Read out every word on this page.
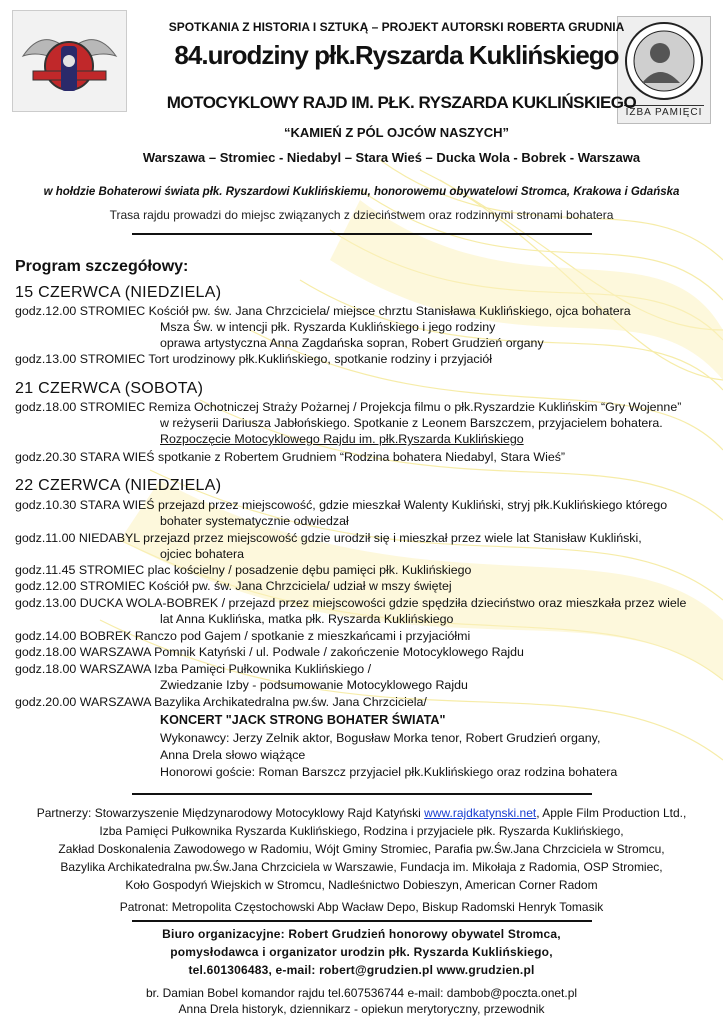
IZBA PAMIĘCI
SPOTKANIA Z HISTORIA I SZTUKĄ – PROJEKT AUTORSKI ROBERTA GRUDNIA
84.urodziny płk.Ryszarda Kuklińskiego
MOTOCYKLOWY RAJD IM. PŁK. RYSZARDA KUKLIŃSKIEGO
“KAMIEŃ Z PÓL OJCÓW NASZYCH”
Warszawa – Stromiec - Niedabyl – Stara Wieś – Ducka Wola - Bobrek - Warszawa
w hołdzie Bohaterowi świata płk. Ryszardowi Kuklińskiemu, honorowemu obywatelowi Stromca, Krakowa i Gdańska
Trasa rajdu prowadzi do miejsc związanych z dzieciństwem oraz rodzinnymi stronami bohatera
Program szczegółowy:
15 CZERWCA (NIEDZIELA)
godz.12.00 STROMIEC Kościół pw. św. Jana Chrzciciela/ miejsce chrztu Stanisława Kuklińskiego, ojca bohatera
Msza Św. w intencji płk. Ryszarda Kuklińskiego i jego rodziny
oprawa artystyczna Anna Zagdańska sopran, Robert Grudzień organy
godz.13.00 STROMIEC Tort urodzinowy płk.Kuklińskiego, spotkanie rodziny i przyjaciół
21 CZERWCA (SOBOTA)
godz.18.00 STROMIEC Remiza Ochotniczej Straży Pożarnej / Projekcja filmu o płk.Ryszardzie Kuklińskim “Gry Wojenne”
w reżyserii Dariusza Jabłońskiego. Spotkanie z Leonem Barszczem, przyjacielem bohatera.
Rozpoczęcie Motocyklowego Rajdu im. płk.Ryszarda Kuklińskiego
godz.20.30 STARA WIEŚ spotkanie z Robertem Grudniem “Rodzina bohatera Niedabyl, Stara Wieś”
22 CZERWCA (NIEDZIELA)
godz.10.30 STARA WIEŚ przejazd przez miejscowość, gdzie mieszkał Walenty Kukliński, stryj płk.Kuklińskiego którego
bohater systematycznie odwiedzał
godz.11.00 NIEDABYL przejazd przez miejscowość gdzie urodził się i mieszkał przez wiele lat Stanisław Kukliński,
ojciec bohatera
godz.11.45 STROMIEC plac kościelny / posadzenie dębu pamięci płk. Kuklińskiego
godz.12.00 STROMIEC Kościół pw. św. Jana Chrzciciela/ udział w mszy świętej
godz.13.00 DUCKA WOLA-BOBREK / przejazd przez miejscowości gdzie spędziła dzieciństwo oraz mieszkała przez wiele
lat Anna Kuklińska, matka płk. Ryszarda Kuklińskiego
godz.14.00 BOBREK Ranczo pod Gajem / spotkanie z mieszkańcami i przyjaciółmi
godz.18.00 WARSZAWA Pomnik Katyński / ul. Podwale / zakończenie Motocyklowego Rajdu
godz.18.00 WARSZAWA Izba Pamięci Pułkownika Kuklińskiego /
Zwiedzanie Izby - podsumowanie Motocyklowego Rajdu
godz.20.00 WARSZAWA Bazylika Archikatedralna pw.św. Jana Chrzciciela/
KONCERT "JACK STRONG BOHATER ŚWIATA"
Wykonawcy: Jerzy Zelnik aktor, Bogusław Morka tenor, Robert Grudzień organy,
Anna Drela słowo wiążące
Honorowi goście: Roman Barszcz przyjaciel płk.Kuklińskiego oraz rodzina bohatera
Partnerzy: Stowarzyszenie Międzynarodowy Motocyklowy Rajd Katyński www.rajdkatynski.net, Apple Film Production Ltd.,
Izba Pamięci Pułkownika Ryszarda Kuklińskiego, Rodzina i przyjaciele płk. Ryszarda Kuklińskiego,
Zakład Doskonalenia Zawodowego w Radomiu, Wójt Gminy Stromiec, Parafia pw.Św.Jana Chrzciciela w Stromcu,
Bazylika Archikatedralna pw.Św.Jana Chrzciciela w Warszawie, Fundacja im. Mikołaja z Radomia, OSP Stromiec,
Koło Gospodyń Wiejskich w Stromcu, Nadleśnictwo Dobieszyn, American Corner Radom
Patronat: Metropolita Częstochowski Abp Wacław Depo, Biskup Radomski Henryk Tomasik
Biuro organizacyjne: Robert Grudzień honorowy obywatel Stromca,
pomysłodawca i organizator urodzin płk. Ryszarda Kuklińskiego,
tel.601306483, e-mail: robert@grudzien.pl www.grudzien.pl
br. Damian Bobel komandor rajdu tel.607536744 e-mail: dambob@poczta.onet.pl
Anna Drela historyk, dziennikarz - opiekun merytoryczny, przewodnik
